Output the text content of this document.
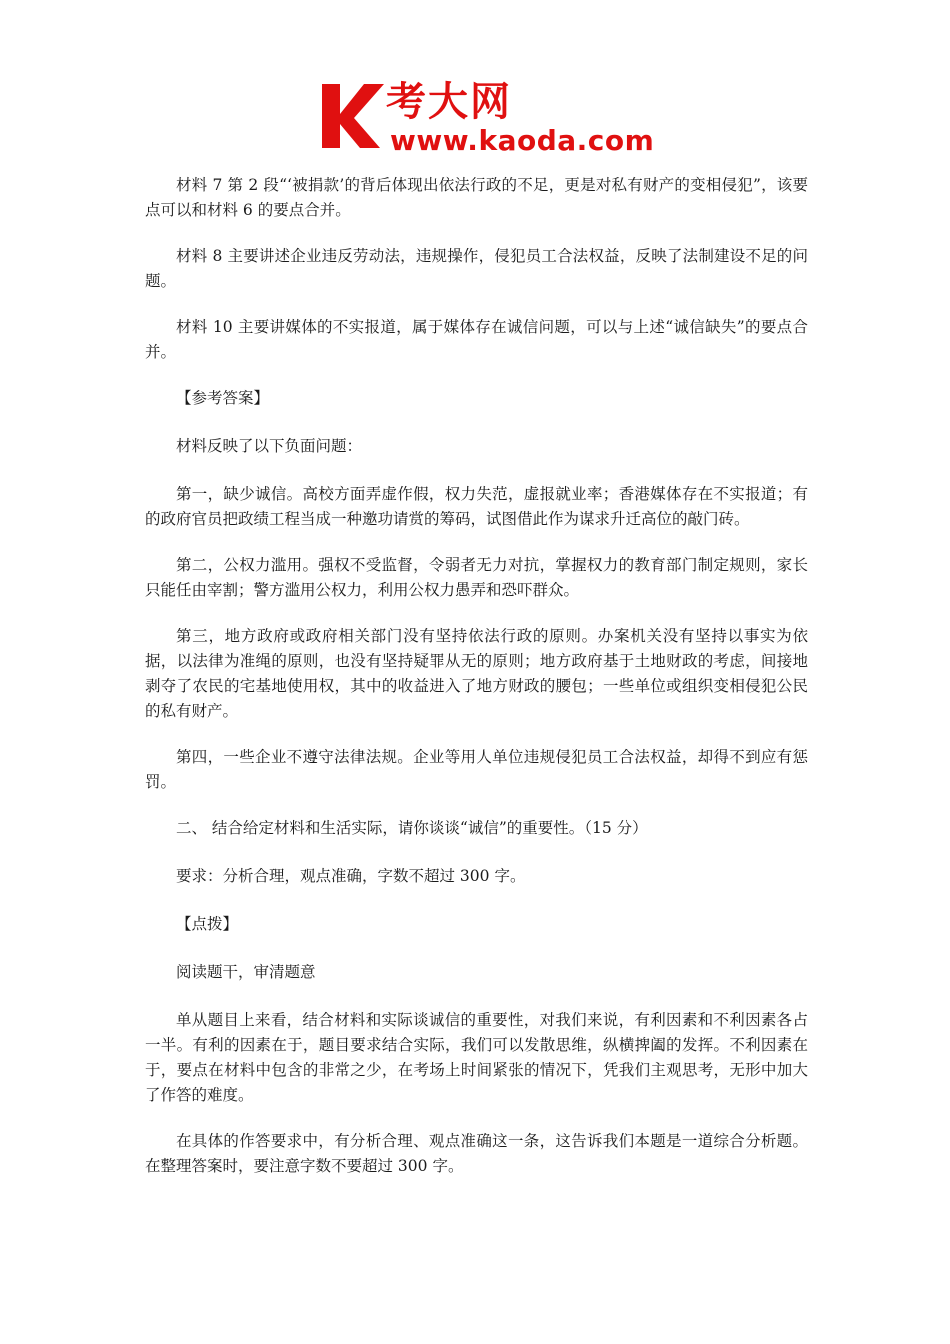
考大网
www.kaoda.com

材料 7 第 2 段“‘被捐款’的背后体现出依法行政的不足，更是对私有财产的变相侵犯”，该要点可以和材料 6 的要点合并。

材料 8 主要讲述企业违反劳动法，违规操作，侵犯员工合法权益，反映了法制建设不足的问题。

材料 10 主要讲媒体的不实报道，属于媒体存在诚信问题，可以与上述“诚信缺失”的要点合并。

【参考答案】

材料反映了以下负面问题：

第一，缺少诚信。高校方面弄虚作假，权力失范，虚报就业率；香港媒体存在不实报道；有的政府官员把政绩工程当成一种邀功请赏的筹码，试图借此作为谋求升迁高位的敲门砖。

第二，公权力滥用。强权不受监督，令弱者无力对抗，掌握权力的教育部门制定规则，家长只能任由宰割；警方滥用公权力，利用公权力愚弄和恐吓群众。

第三，地方政府或政府相关部门没有坚持依法行政的原则。办案机关没有坚持以事实为依据，以法律为准绳的原则，也没有坚持疑罪从无的原则；地方政府基于土地财政的考虑，间接地剥夺了农民的宅基地使用权，其中的收益进入了地方财政的腰包；一些单位或组织变相侵犯公民的私有财产。

第四，一些企业不遵守法律法规。企业等用人单位违规侵犯员工合法权益，却得不到应有惩罚。

二、 结合给定材料和生活实际，请你谈谈“诚信”的重要性。（15 分）

要求：分析合理，观点准确，字数不超过 300 字。

【点拨】

阅读题干，审清题意

单从题目上来看，结合材料和实际谈诚信的重要性，对我们来说，有利因素和不利因素各占一半。有利的因素在于，题目要求结合实际，我们可以发散思维，纵横捭阖的发挥。不利因素在于，要点在材料中包含的非常之少，在考场上时间紧张的情况下，凭我们主观思考，无形中加大了作答的难度。

在具体的作答要求中，有分析合理、观点准确这一条，这告诉我们本题是一道综合分析题。在整理答案时，要注意字数不要超过 300 字。
